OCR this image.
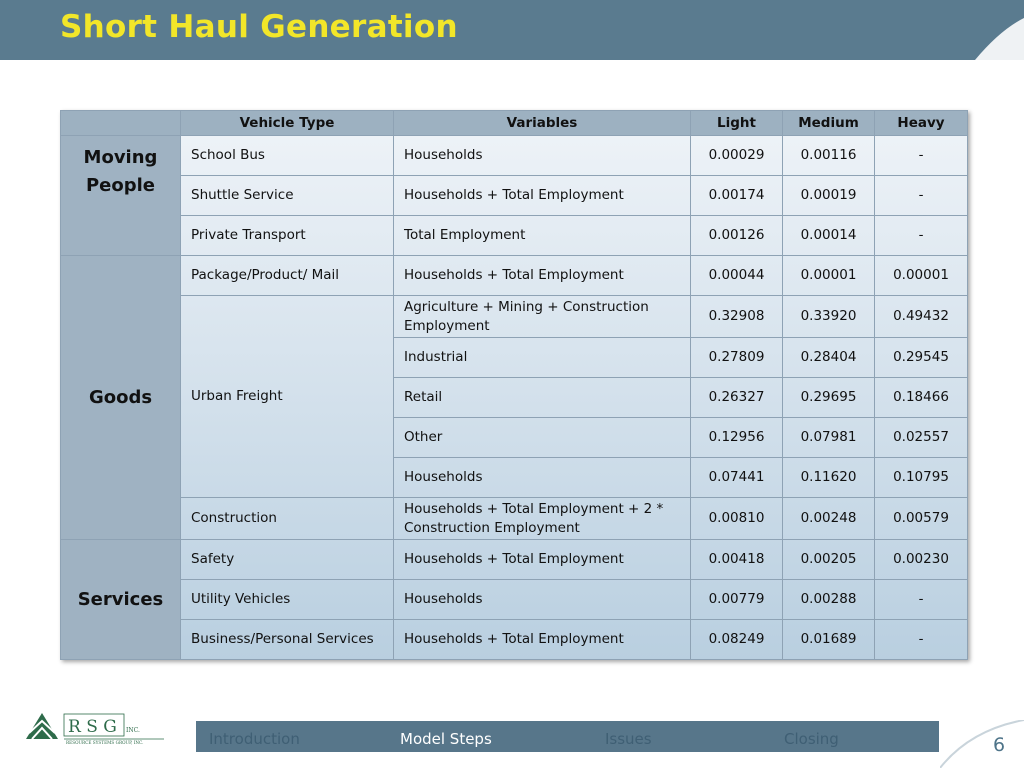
Short Haul Generation
	Vehicle Type	Variables	Light	Medium	Heavy
Moving People	School Bus	Households	0.00029	0.00116	-
	Shuttle Service	Households + Total Employment	0.00174	0.00019	-
	Private Transport	Total Employment	0.00126	0.00014	-
Goods	Package/Product/ Mail	Households + Total Employment	0.00044	0.00001	0.00001
	Urban Freight	Agriculture + Mining + Construction Employment	0.32908	0.33920	0.49432
		Industrial	0.27809	0.28404	0.29545
		Retail	0.26327	0.29695	0.18466
		Other	0.12956	0.07981	0.02557
		Households	0.07441	0.11620	0.10795
	Construction	Households + Total Employment + 2 * Construction Employment	0.00810	0.00248	0.00579
Services	Safety	Households + Total Employment	0.00418	0.00205	0.00230
	Utility Vehicles	Households	0.00779	0.00288	-
	Business/Personal Services	Households + Total Employment	0.08249	0.01689	-
R S G INC.
RESOURCE SYSTEMS GROUP, INC.	Introduction	Model Steps	Issues	Closing	6
